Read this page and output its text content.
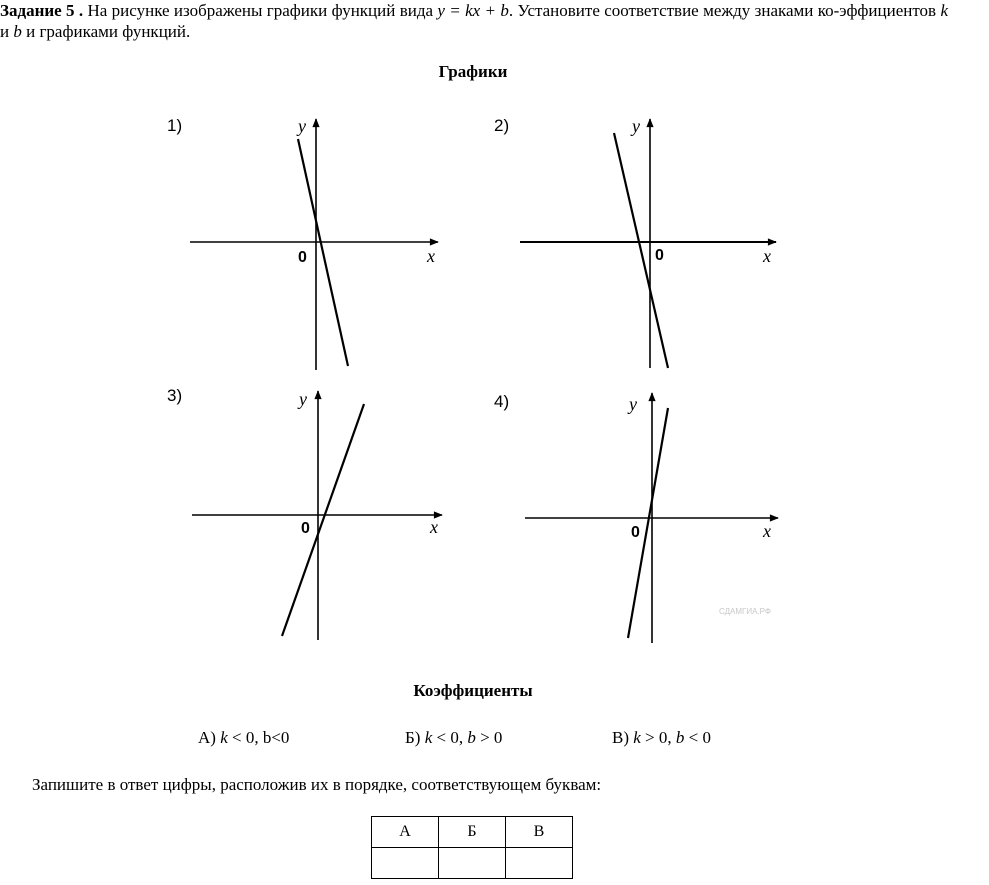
Задание 5 . На рисунке изображены графики функций вида y = kx + b. Установите соответствие между знаками ко-эффициентов k и b и графиками функций.
Графики
1)	y
x
0
2)	y
x
0
3)	y
x
0
4)	y
x
0
СДАМГИА.РФ
Коэффициенты
А) k < 0, b<0	Б) k < 0, b > 0	В) k > 0, b < 0
Запишите в ответ цифры, расположив их в порядке, соответствующем буквам:
А	Б	В
